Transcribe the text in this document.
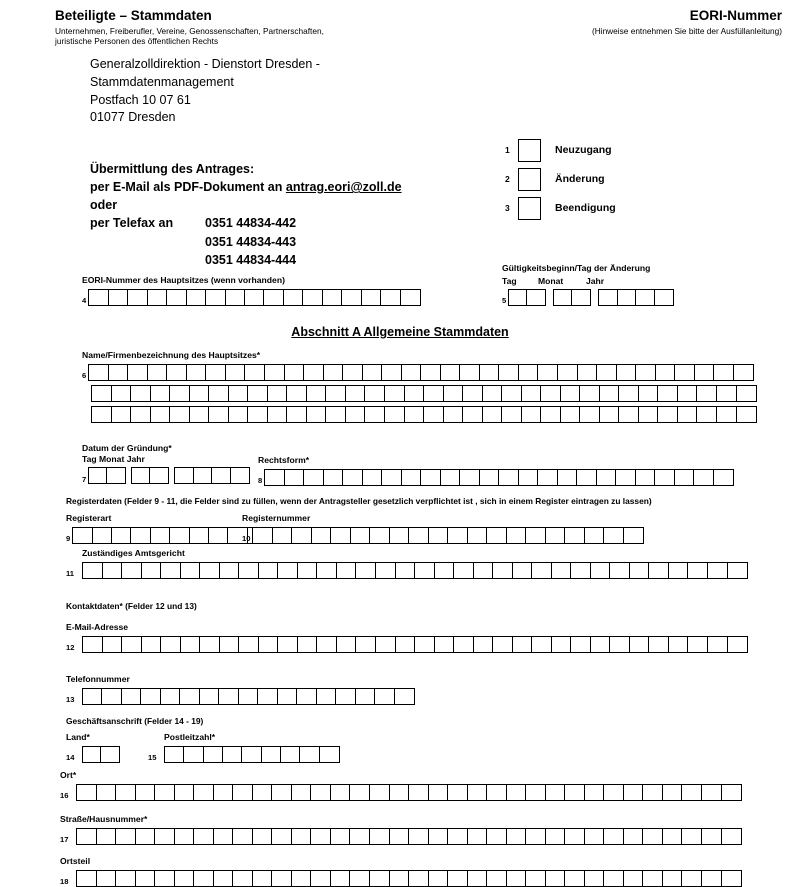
Beteiligte – Stammdaten
Unternehmen, Freiberufler, Vereine, Genossenschaften, Partnerschaften,
juristische Personen des öffentlichen Rechts
EORI-Nummer
(Hinweise entnehmen Sie bitte der Ausfüllanleitung)
Generalzolldirektion - Dienstort Dresden -
Stammdatenmanagement
Postfach 10 07 61
01077 Dresden
1	Neuzugang
2	Änderung
3	Beendigung
Übermittlung des Antrages:
per E-Mail als PDF-Dokument an antrag.eori@zoll.de
oder
per Telefax an	0351 44834-442
0351 44834-443
0351 44834-444
EORI-Nummer des Hauptsitzes (wenn vorhanden)
4
Gültigkeitsbeginn/Tag der Änderung
Tag	Monat	Jahr
5
Abschnitt A Allgemeine Stammdaten
Name/Firmenbezeichnung des Hauptsitzes*
6
Datum der Gründung*
Tag Monat Jahr
7
Rechtsform*
8
Registerdaten (Felder 9 - 11, die Felder sind zu füllen, wenn der Antragsteller gesetzlich verpflichtet ist , sich in einem Register eintragen zu lassen)
Registerart
9
Registernummer
10
Zuständiges Amtsgericht
11
Kontaktdaten* (Felder 12 und 13)
E-Mail-Adresse
12
Telefonnummer
13
Geschäftsanschrift (Felder 14 - 19)
Land*
14
Postleitzahl*
15
Ort*
16
Straße/Hausnummer*
17
Ortsteil
18
